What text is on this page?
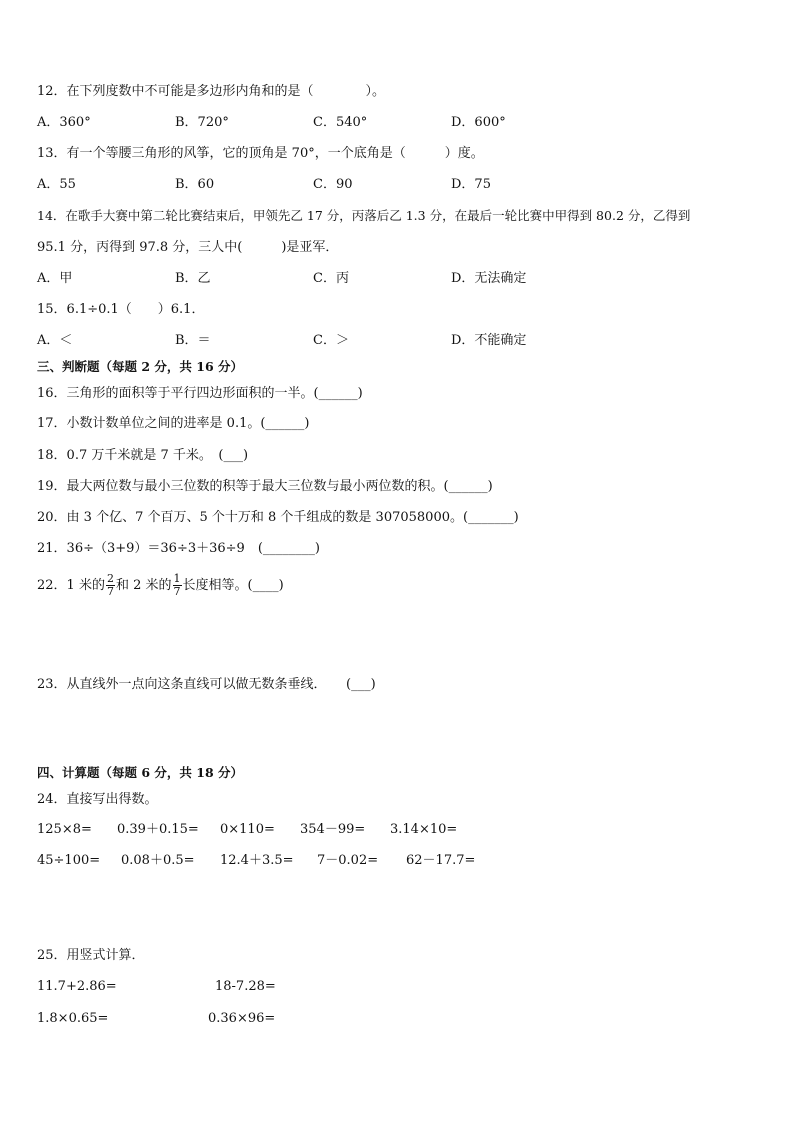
12．在下列度数中不可能是多边形内角和的是（　　　　）。
A．360°	B．720°	C．540°	D．600°
13．有一个等腰三角形的风筝，它的顶角是 70°，一个底角是（　　　）度。
A．55	B．60	C．90	D．75
14．在歌手大赛中第二轮比赛结束后，甲领先乙 17 分，丙落后乙 1.3 分，在最后一轮比赛中甲得到 80.2 分，乙得到
95.1 分，丙得到 97.8 分，三人中(　　　)是亚军．
A．甲	B．乙	C．丙	D．无法确定
15．6.1÷0.1（　　）6.1．
A．＜	B．＝	C．＞	D．不能确定
三、判断题（每题 2 分，共 16 分）
16．三角形的面积等于平行四边形面积的一半。(______)
17．小数计数单位之间的进率是 0.1。(______)
18．0.7 万千米就是 7 千米。　(___)
19．最大两位数与最小三位数的积等于最大三位数与最小两位数的积。(______)
20．由 3 个亿、7 个百万、5 个十万和 8 个千组成的数是 307058000。(_______)
21．36÷（3+9）＝36÷3＋36÷9　(________)
22．1 米的 $\frac{2}{7}$ 和 2 米的 $\frac{1}{7}$ 长度相等。(____)
23．从直线外一点向这条直线可以做无数条垂线．　　(___)
四、计算题（每题 6 分，共 18 分）
24．直接写出得数。
125×8= 0.39＋0.15= 0×110= 354－99= 3.14×10=
45÷100= 0.08＋0.5= 12.4＋3.5= 7－0.02= 62－17.7=
25．用竖式计算．
11.7+2.86=	18-7.28=
1.8×0.65=	0.36×96=
